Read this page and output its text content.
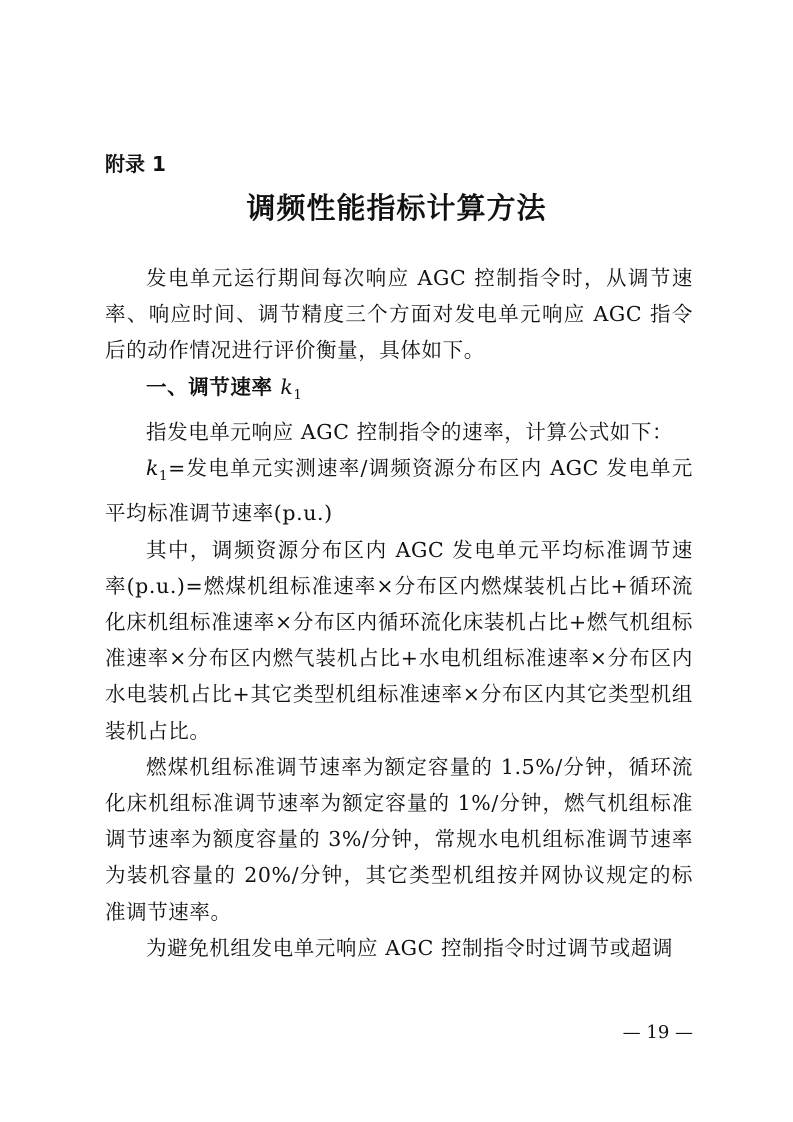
附录 1
调频性能指标计算方法

发电单元运行期间每次响应 AGC 控制指令时，从调节速率、响应时间、调节精度三个方面对发电单元响应 AGC 指令后的动作情况进行评价衡量，具体如下。

一、调节速率 $k_1$

指发电单元响应 AGC 控制指令的速率，计算公式如下：

$k_1=$发电单元实测速率/调频资源分布区内 AGC 发电单元平均标准调节速率(p.u.)

其中，调频资源分布区内 AGC 发电单元平均标准调节速率(p.u.)=燃煤机组标准速率×分布区内燃煤装机占比+循环流化床机组标准速率×分布区内循环流化床装机占比+燃气机组标准速率×分布区内燃气装机占比+水电机组标准速率×分布区内水电装机占比+其它类型机组标准速率×分布区内其它类型机组装机占比。

燃煤机组标准调节速率为额定容量的 1.5%/分钟，循环流化床机组标准调节速率为额定容量的 1%/分钟，燃气机组标准调节速率为额度容量的 3%/分钟，常规水电机组标准调节速率为装机容量的 20%/分钟，其它类型机组按并网协议规定的标准调节速率。

为避免机组发电单元响应 AGC 控制指令时过调节或超调

— 19 —
